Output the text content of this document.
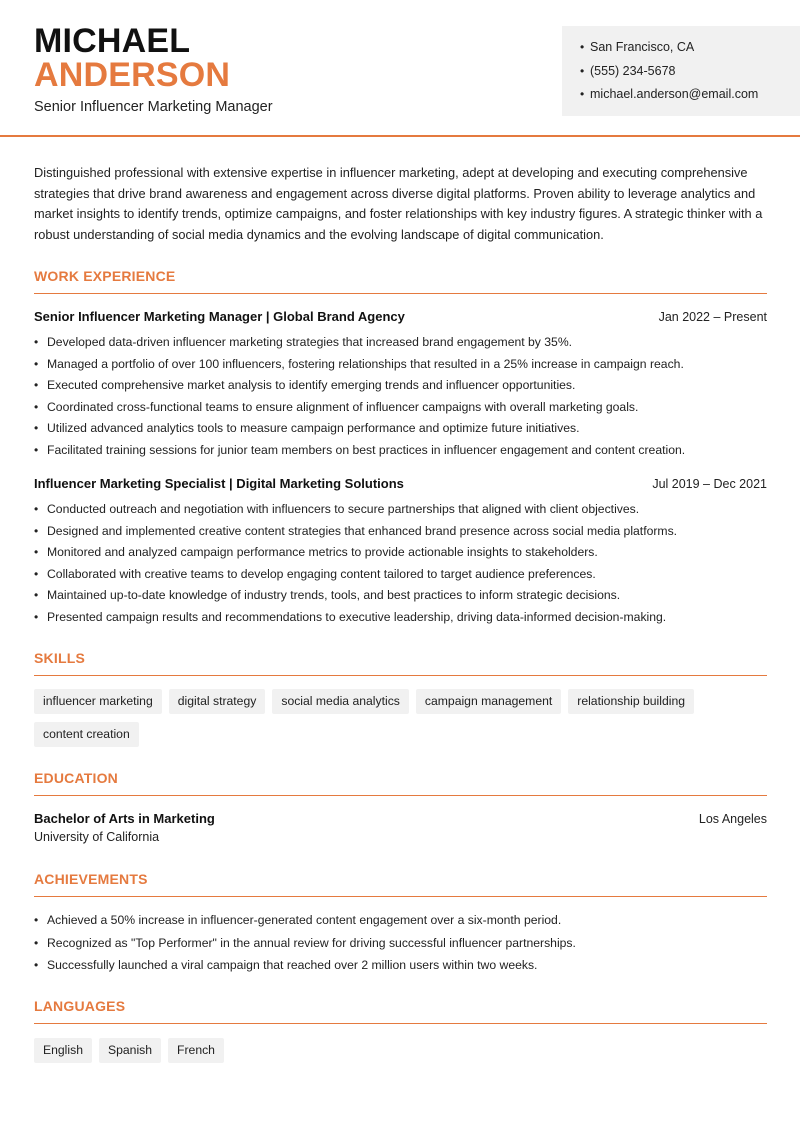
MICHAEL
ANDERSON
Senior Influencer Marketing Manager
• San Francisco, CA
• (555) 234-5678
• michael.anderson@email.com
Distinguished professional with extensive expertise in influencer marketing, adept at developing and executing comprehensive strategies that drive brand awareness and engagement across diverse digital platforms. Proven ability to leverage analytics and market insights to identify trends, optimize campaigns, and foster relationships with key industry figures. A strategic thinker with a robust understanding of social media dynamics and the evolving landscape of digital communication.
WORK EXPERIENCE
Senior Influencer Marketing Manager | Global Brand Agency	Jan 2022 – Present
• Developed data-driven influencer marketing strategies that increased brand engagement by 35%.
• Managed a portfolio of over 100 influencers, fostering relationships that resulted in a 25% increase in campaign reach.
• Executed comprehensive market analysis to identify emerging trends and influencer opportunities.
• Coordinated cross-functional teams to ensure alignment of influencer campaigns with overall marketing goals.
• Utilized advanced analytics tools to measure campaign performance and optimize future initiatives.
• Facilitated training sessions for junior team members on best practices in influencer engagement and content creation.
Influencer Marketing Specialist | Digital Marketing Solutions	Jul 2019 – Dec 2021
• Conducted outreach and negotiation with influencers to secure partnerships that aligned with client objectives.
• Designed and implemented creative content strategies that enhanced brand presence across social media platforms.
• Monitored and analyzed campaign performance metrics to provide actionable insights to stakeholders.
• Collaborated with creative teams to develop engaging content tailored to target audience preferences.
• Maintained up-to-date knowledge of industry trends, tools, and best practices to inform strategic decisions.
• Presented campaign results and recommendations to executive leadership, driving data-informed decision-making.
SKILLS
influencer marketing	digital strategy	social media analytics	campaign management	relationship building
content creation
EDUCATION
Bachelor of Arts in Marketing	Los Angeles
University of California
ACHIEVEMENTS
• Achieved a 50% increase in influencer-generated content engagement over a six-month period.
• Recognized as "Top Performer" in the annual review for driving successful influencer partnerships.
• Successfully launched a viral campaign that reached over 2 million users within two weeks.
LANGUAGES
English	Spanish	French
